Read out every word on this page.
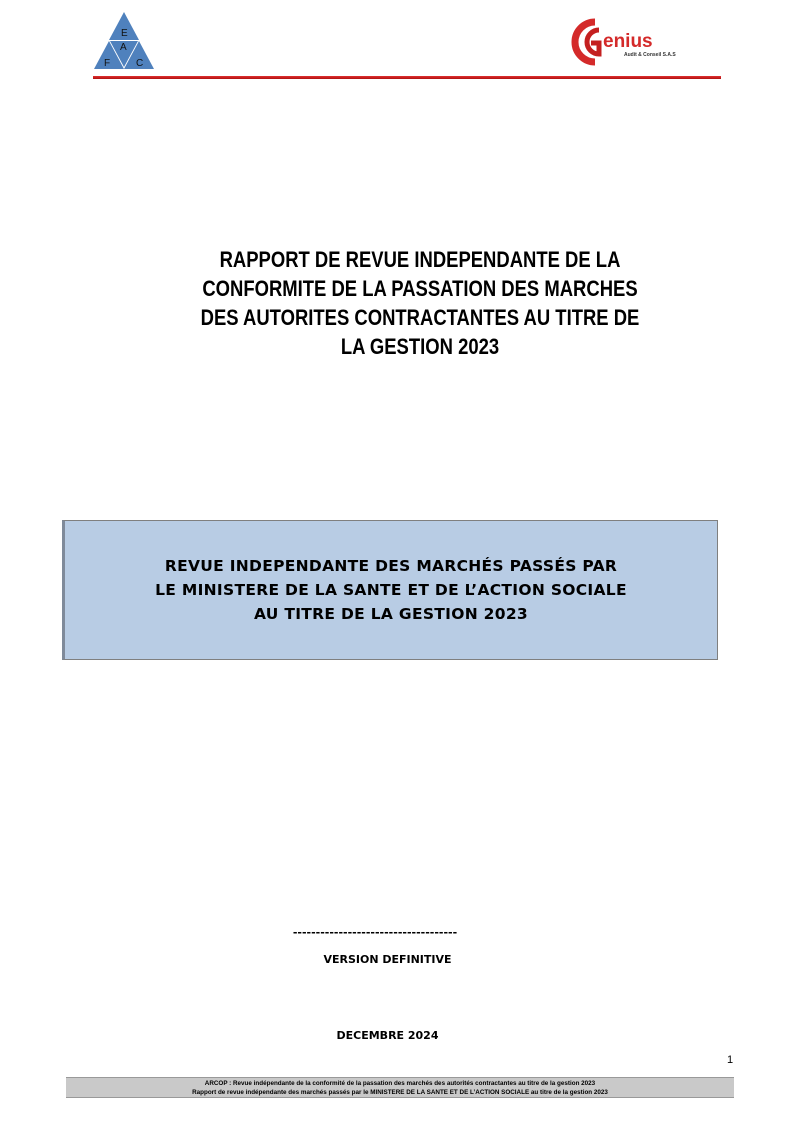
E
A
F	C
enius
Audit & Conseil S.A.S
RAPPORT DE REVUE INDEPENDANTE DE LA
CONFORMITE DE LA PASSATION DES MARCHES
DES AUTORITES CONTRACTANTES AU TITRE DE
LA GESTION 2023
REVUE INDEPENDANTE DES MARCHÉS PASSÉS PAR
LE MINISTERE DE LA SANTE ET DE L’ACTION SOCIALE
AU TITRE DE LA GESTION 2023
------------------------------------
VERSION DEFINITIVE
DECEMBRE 2024
1
ARCOP : Revue indépendante de la conformité de la passation des marchés des autorités contractantes au titre de la gestion 2023
Rapport de revue indépendante des marchés passés par le MINISTERE DE LA SANTE ET DE L’ACTION SOCIALE au titre de la gestion 2023
